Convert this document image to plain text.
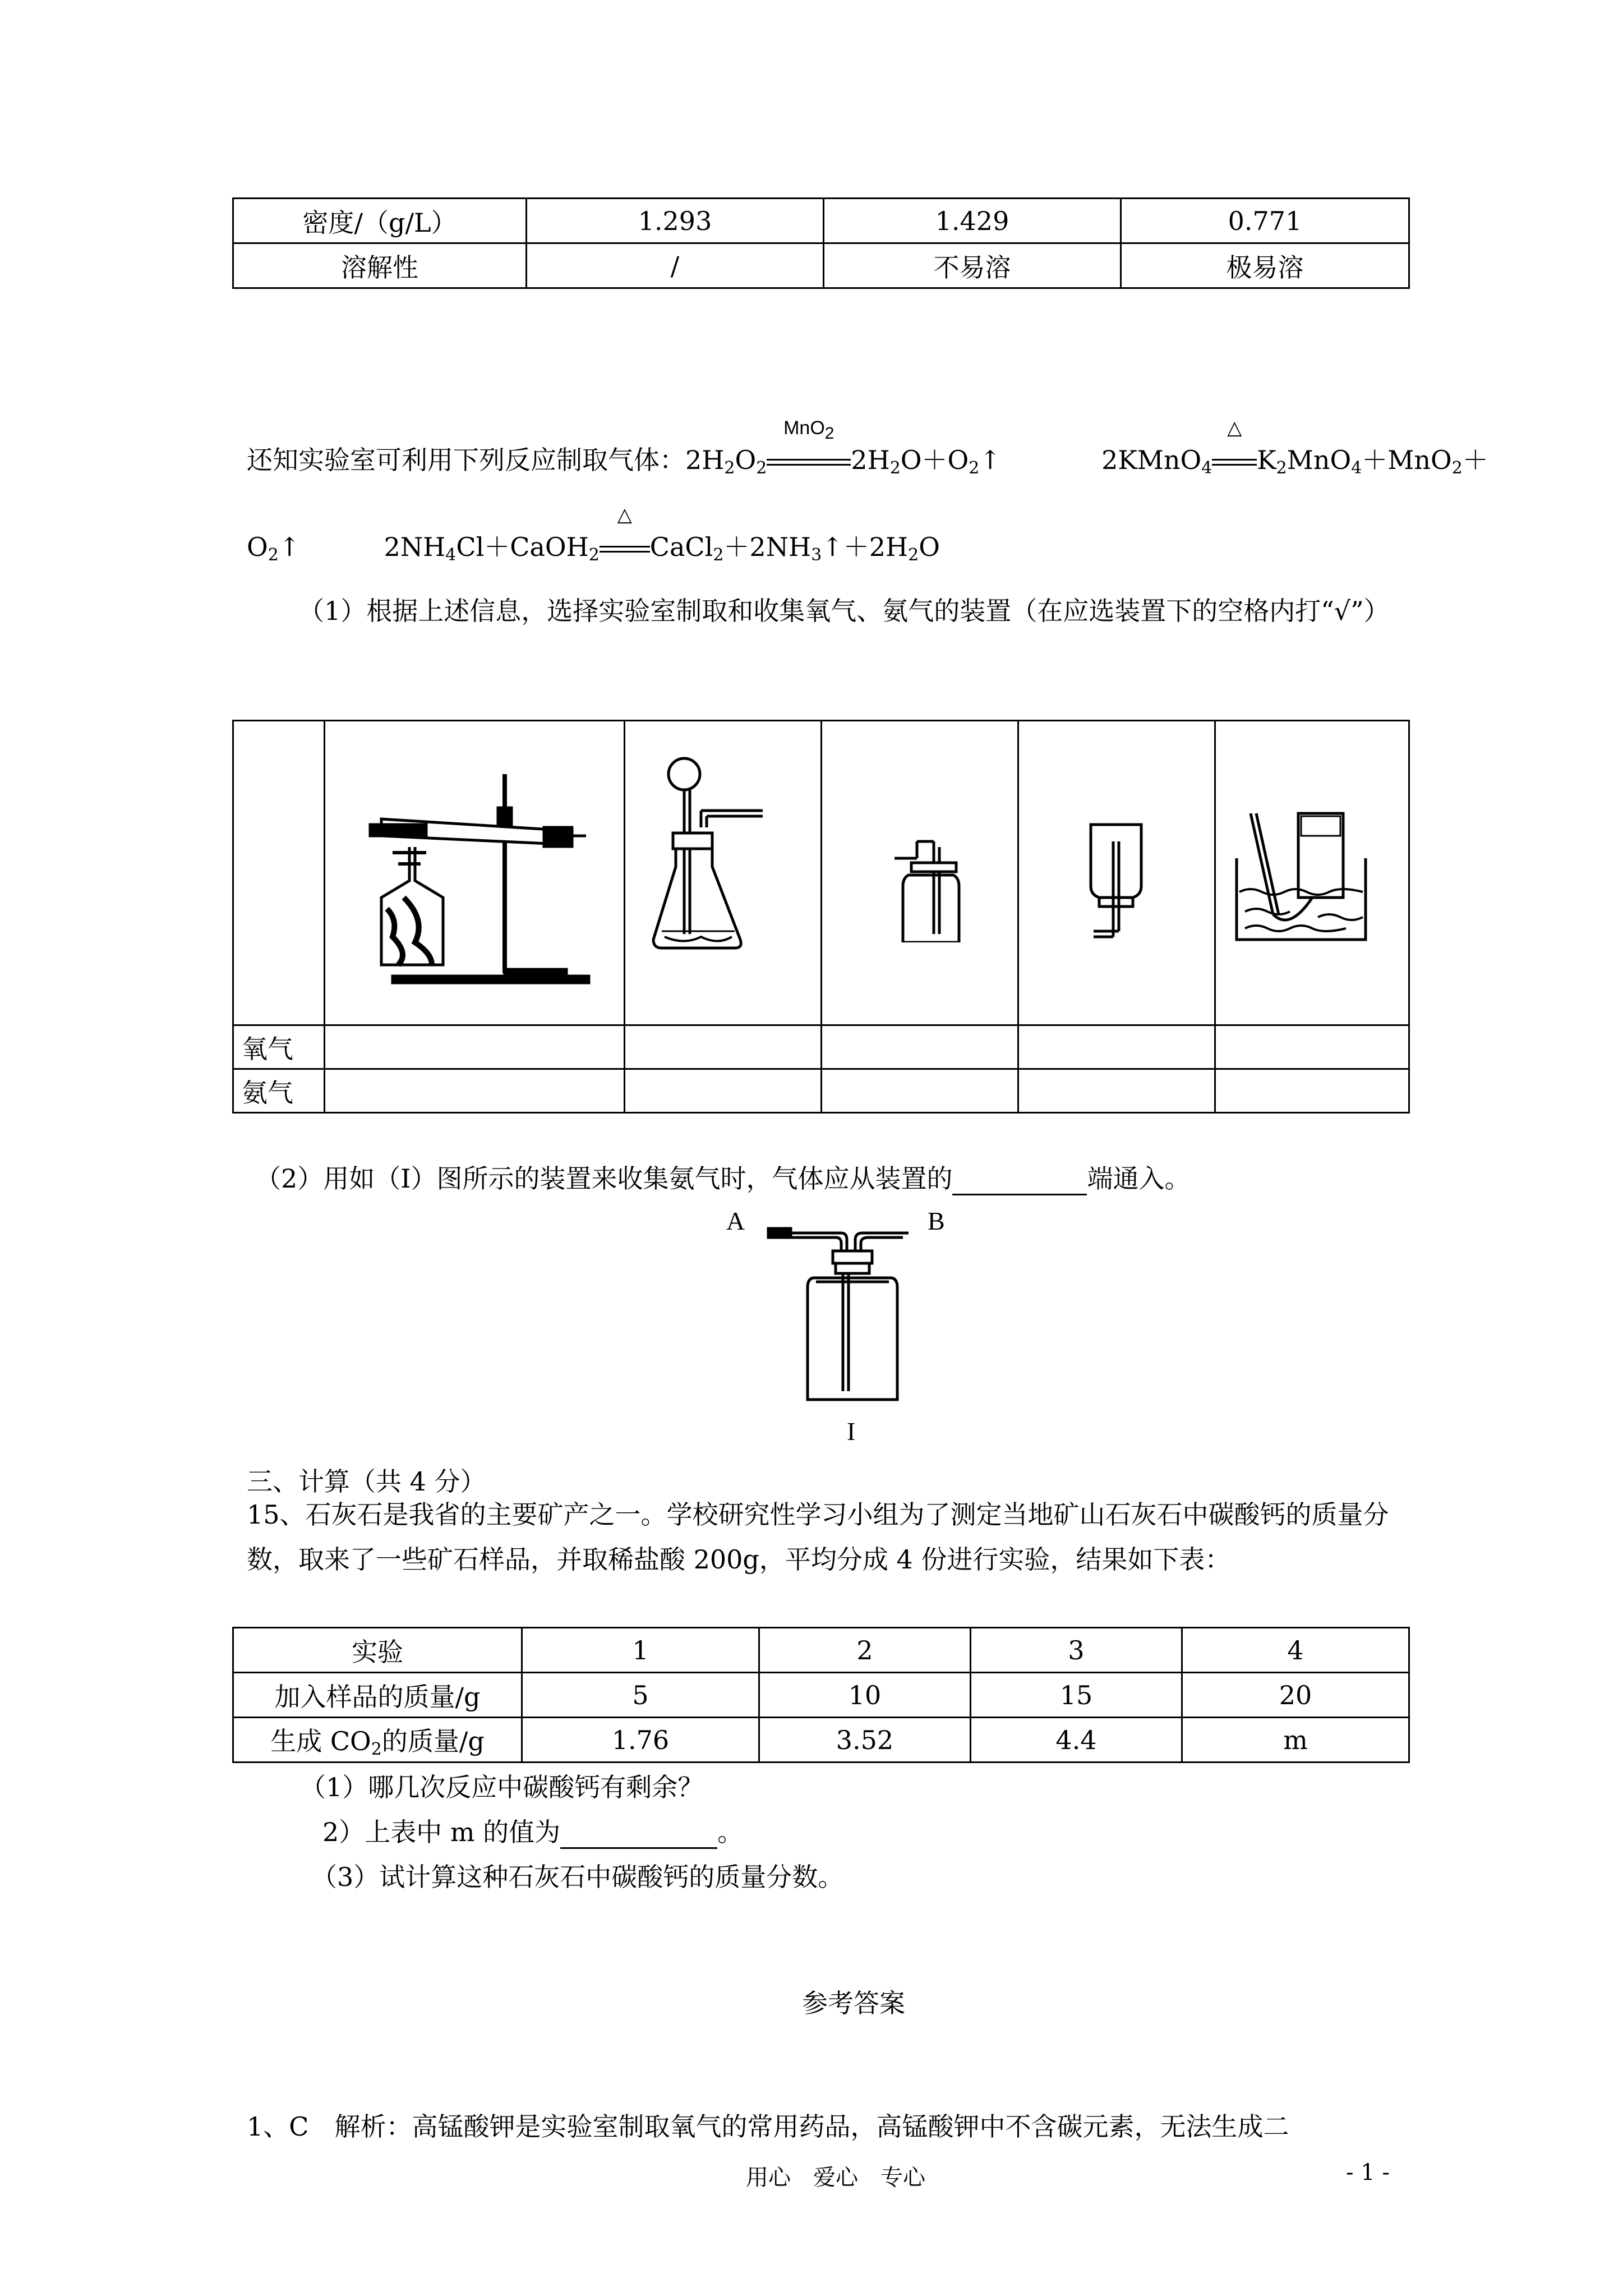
密度/（g/L）	1.293	1.429	0.771
溶解性	/	不易溶	极易溶
还知实验室可利用下列反应制取气体：$2H_2O_2$
MnO2
$2H_2O+O_2↑$	2KMnO$_4$
△
$K_2MnO_4+MnO_2+$
$O_2↑$	$2NH_4Cl+CaOH_2$
△
$CaCl_2+2NH_3↑+2H_2O$
（1）根据上述信息，选择实验室制取和收集氧气、氨气的装置（在应选装置下的空格内打“√”）

氧气					
氨气					
（2）用如（I）图所示的装置来收集氨气时，气体应从装置的	端通入。
A	B
I
三、计算（共 4 分）
15、石灰石是我省的主要矿产之一。学校研究性学习小组为了测定当地矿山石灰石中碳酸钙的质量分数，取来了一些矿石样品，并取稀盐酸 200g，平均分成 4 份进行实验，结果如下表：
实验	1	2	3	4
加入样品的质量/g	5	10	15	20
生成 $CO_2$的质量/g	1.76	3.52	4.4	m
（1）哪几次反应中碳酸钙有剩余？
2）上表中 m 的值为	。
（3）试计算这种石灰石中碳酸钙的质量分数。
参考答案
1、C　解析：高锰酸钾是实验室制取氧气的常用药品，高锰酸钾中不含碳元素，无法生成二
用心　爱心　专心	- 1 -
